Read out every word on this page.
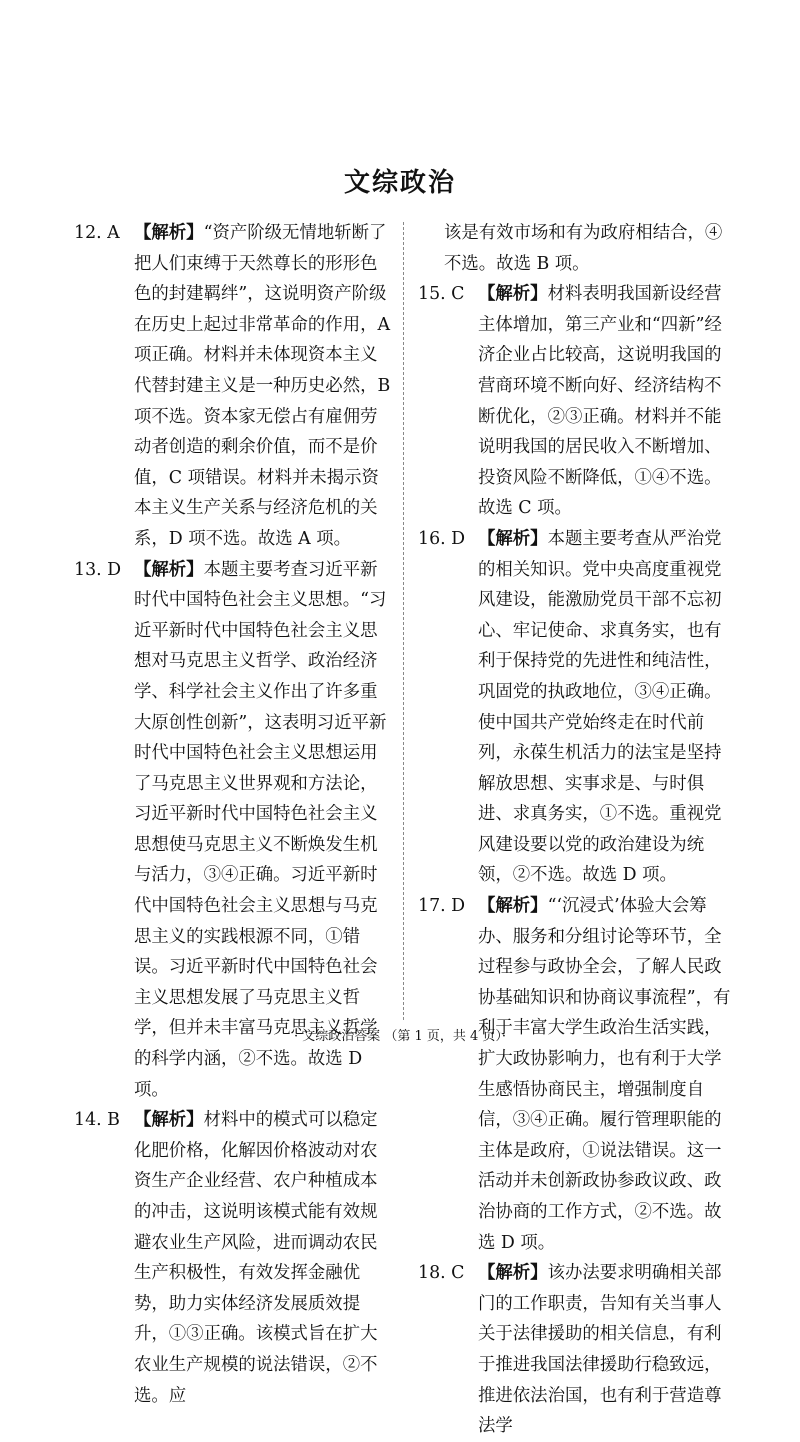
文综政治
12. A 【解析】“资产阶级无情地斩断了把人们束缚于天然尊长的形形色色的封建羁绊”，这说明资产阶级在历史上起过非常革命的作用，A 项正确。材料并未体现资本主义代替封建主义是一种历史必然，B 项不选。资本家无偿占有雇佣劳动者创造的剩余价值，而不是价值，C 项错误。材料并未揭示资本主义生产关系与经济危机的关系，D 项不选。故选 A 项。
13. D 【解析】本题主要考查习近平新时代中国特色社会主义思想。“习近平新时代中国特色社会主义思想对马克思主义哲学、政治经济学、科学社会主义作出了许多重大原创性创新”，这表明习近平新时代中国特色社会主义思想运用了马克思主义世界观和方法论，习近平新时代中国特色社会主义思想使马克思主义不断焕发生机与活力，③④正确。习近平新时代中国特色社会主义思想与马克思主义的实践根源不同，①错误。习近平新时代中国特色社会主义思想发展了马克思主义哲学，但并未丰富马克思主义哲学的科学内涵，②不选。故选 D 项。
14. B 【解析】材料中的模式可以稳定化肥价格，化解因价格波动对农资生产企业经营、农户种植成本的冲击，这说明该模式能有效规避农业生产风险，进而调动农民生产积极性，有效发挥金融优势，助力实体经济发展质效提升，①③正确。该模式旨在扩大农业生产规模的说法错误，②不选。应
该是有效市场和有为政府相结合，④不选。故选 B 项。
15. C 【解析】材料表明我国新设经营主体增加，第三产业和“四新”经济企业占比较高，这说明我国的营商环境不断向好、经济结构不断优化，②③正确。材料并不能说明我国的居民收入不断增加、投资风险不断降低，①④不选。故选 C 项。
16. D 【解析】本题主要考查从严治党的相关知识。党中央高度重视党风建设，能激励党员干部不忘初心、牢记使命、求真务实，也有利于保持党的先进性和纯洁性，巩固党的执政地位，③④正确。使中国共产党始终走在时代前列，永葆生机活力的法宝是坚持解放思想、实事求是、与时俱进、求真务实，①不选。重视党风建设要以党的政治建设为统领，②不选。故选 D 项。
17. D 【解析】“‘沉浸式’体验大会筹办、服务和分组讨论等环节，全过程参与政协全会，了解人民政协基础知识和协商议事流程”，有利于丰富大学生政治生活实践，扩大政协影响力，也有利于大学生感悟协商民主，增强制度自信，③④正确。履行管理职能的主体是政府，①说法错误。这一活动并未创新政协参政议政、政治协商的工作方式，②不选。故选 D 项。
18. C 【解析】该办法要求明确相关部门的工作职责，告知有关当事人关于法律援助的相关信息，有利于推进我国法律援助行稳致远，推进依法治国，也有利于营造尊法学
· 文综政治答案 （第 1 页，共 4 页）·
